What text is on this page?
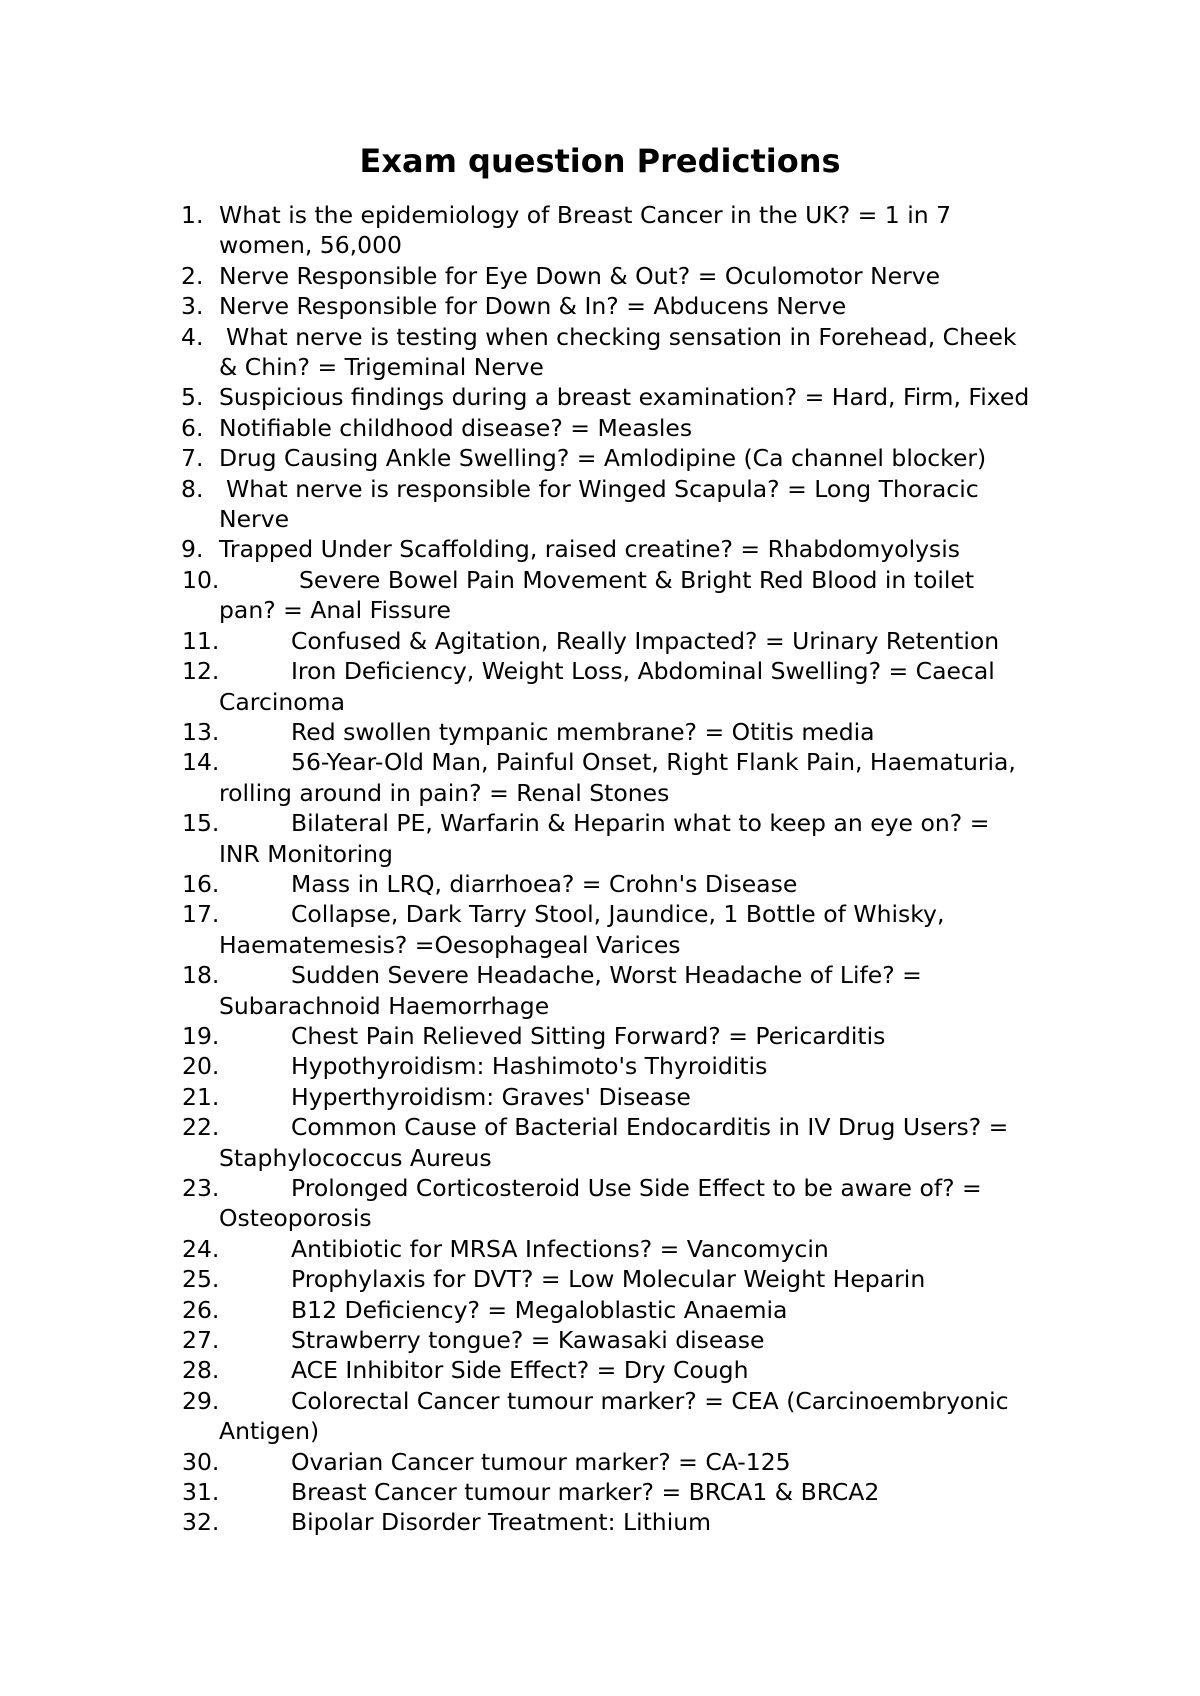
Exam question Predictions
1. What is the epidemiology of Breast Cancer in the UK? = 1 in 7
women, 56,000
2. Nerve Responsible for Eye Down & Out? = Oculomotor Nerve
3. Nerve Responsible for Down & In? = Abducens Nerve
4. What nerve is testing when checking sensation in Forehead, Cheek
& Chin? = Trigeminal Nerve
5. Suspicious findings during a breast examination? = Hard, Firm, Fixed
6. Notifiable childhood disease? = Measles
7. Drug Causing Ankle Swelling? = Amlodipine (Ca channel blocker)
8. What nerve is responsible for Winged Scapula? = Long Thoracic
Nerve
9. Trapped Under Scaffolding, raised creatine? = Rhabdomyolysis
10.	Severe Bowel Pain Movement & Bright Red Blood in toilet
pan? = Anal Fissure
11.	Confused & Agitation, Really Impacted? = Urinary Retention
12.	Iron Deficiency, Weight Loss, Abdominal Swelling? = Caecal
Carcinoma
13.	Red swollen tympanic membrane? = Otitis media
14.	56-Year-Old Man, Painful Onset, Right Flank Pain, Haematuria,
rolling around in pain? = Renal Stones
15.	Bilateral PE, Warfarin & Heparin what to keep an eye on? =
INR Monitoring
16.	Mass in LRQ, diarrhoea? = Crohn's Disease
17.	Collapse, Dark Tarry Stool, Jaundice, 1 Bottle of Whisky,
Haematemesis? =Oesophageal Varices
18.	Sudden Severe Headache, Worst Headache of Life? =
Subarachnoid Haemorrhage
19.	Chest Pain Relieved Sitting Forward? = Pericarditis
20.	Hypothyroidism: Hashimoto's Thyroiditis
21.	Hyperthyroidism: Graves' Disease
22.	Common Cause of Bacterial Endocarditis in IV Drug Users? =
Staphylococcus Aureus
23.	Prolonged Corticosteroid Use Side Effect to be aware of? =
Osteoporosis
24.	Antibiotic for MRSA Infections? = Vancomycin
25.	Prophylaxis for DVT? = Low Molecular Weight Heparin
26.	B12 Deficiency? = Megaloblastic Anaemia
27.	Strawberry tongue? = Kawasaki disease
28.	ACE Inhibitor Side Effect? = Dry Cough
29.	Colorectal Cancer tumour marker? = CEA (Carcinoembryonic
Antigen)
30.	Ovarian Cancer tumour marker? = CA-125
31.	Breast Cancer tumour marker? = BRCA1 & BRCA2
32.	Bipolar Disorder Treatment: Lithium
